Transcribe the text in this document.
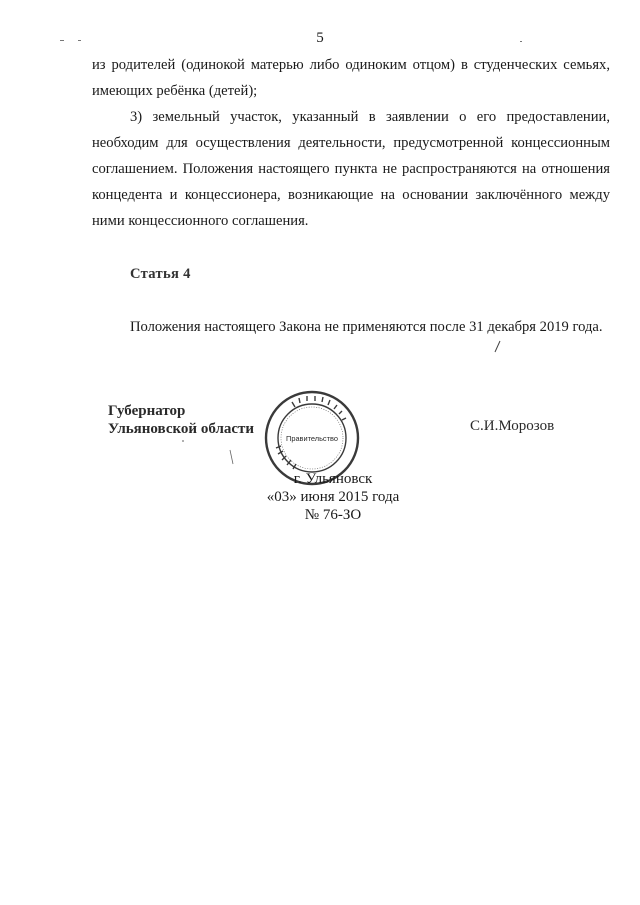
5

из родителей (одинокой матерью либо одиноким отцом) в студенческих семьях,

имеющих ребёнка (детей);

3) земельный участок, указанный в заявлении о его предоставлении, необходим для осуществления деятельности, предусмотренной концессионным соглашением. Положения настоящего пункта не распространяются на отношения концедента и концессионера, возникающие на основании заключённого между ними концессионного соглашения.

Статья 4
Положения настоящего Закона не применяются после 31 декабря 2019 года.
Губернатор
Ульяновской области
Правительство
С.И.Морозов
г. Ульяновск
«03» июня 2015 года
№ 76-ЗО
